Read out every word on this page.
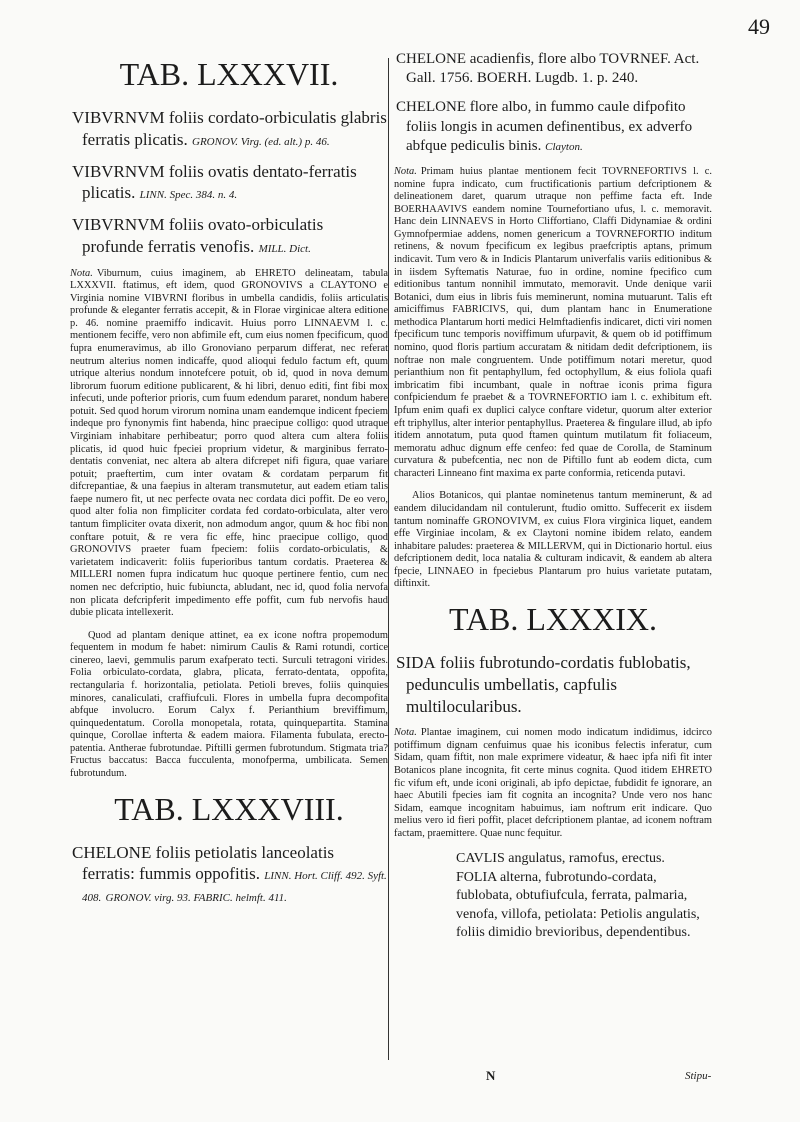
49
TAB. LXXXVII.
VIBVRNVM foliis cordato-orbiculatis glabris ferratis plicatis. GRONOV. Virg. (ed. alt.) p. 46.
VIBVRNVM foliis ovatis dentato-ferratis plicatis. LINN. Spec. 384. n. 4.
VIBVRNVM foliis ovato-orbiculatis profunde ferratis venofis. MILL. Dict.
Nota. Viburnum, cuius imaginem, ab EHRETO delineatam, tabula LXXXVII. ftatimus, eft idem, quod GRONOVIVS a CLAYTONO e Virginia nomine VIBVRNI floribus in umbella candidis, foliis articulatis profunde & eleganter ferratis accepit, & in Florae virginicae altera editione p. 46. nomine praemiffo indicavit. Huius porro LINNAEVM l. c. mentionem feciffe, vero non abfimile eft, cum eius nomen fpecificum, quod fupra enumeravimus, ab illo Gronoviano perparum differat, nec referat neutrum alterius nomen indicaffe, quod alioqui fedulo factum eft, quum utrique alterius nondum innotefcere potuit, ob id, quod in nova demum librorum fuorum editione publicarent, & hi libri, denuo editi, fint fibi mox infecuti, unde pofterior prioris, cum fuum edendum pararet, nondum habere potuit. Sed quod horum virorum nomina unam eandemque indicent fpeciem indeque pro fynonymis fint habenda, hinc praecipue colligo: quod utraque Virginiam inhabitare perhibeatur; porro quod altera cum altera foliis plicatis, id quod huic fpeciei proprium videtur, & marginibus ferrato-dentatis conveniat, nec altera ab altera difcrepet nifi figura, quae variare potuit; praeftertim, cum inter ovatam & cordatam perparum fit difcrepantiae, & una faepius in alteram transmutetur, aut eadem etiam talis faepe numero fit, ut nec perfecte ovata nec cordata dici poffit. De eo vero, quod alter folia non fimpliciter cordata fed cordato-orbiculata, alter vero tantum fimpliciter ovata dixerit, non admodum angor, quum & hoc fibi non conftare potuit, & re vera fic effe, hinc praecipue colligo, quod GRONOVIVS praeter fuam fpeciem: foliis cordato-orbiculatis, & varietatem indicaverit: foliis fuperioribus tantum cordatis. Praeterea & MILLERI nomen fupra indicatum huc quoque pertinere fentio, cum nec nomen nec defcriptio, huic fubiuncta, abludant, nec id, quod folia nervofa non plicata defcripferit impedimento effe poffit, cum fub nervofis haud dubie plicata intellexerit.
Quod ad plantam denique attinet, ea ex icone noftra propemodum fequentem in modum fe habet: nimirum Caulis & Rami rotundi, cortice cinereo, laevi, gemmulis parum exafperato tecti. Surculi tetragoni virides. Folia orbiculato-cordata, glabra, plicata, ferrato-dentata, oppofita, rectangularia f. horizontalia, petiolata. Petioli breves, foliis quinquies minores, canaliculati, craffiufculi. Flores in umbella fupra decompofita abfque involucro. Eorum Calyx f. Perianthium breviffimum, quinquedentatum. Corolla monopetala, rotata, quinquepartita. Stamina quinque, Corollae infterta & eadem maiora. Filamenta fubulata, erecto-patentia. Antherae fubrotundae. Piftilli germen fubrotundum. Stigmata tria? Fructus baccatus: Bacca fucculenta, monofperma, umbilicata. Semen fubrotundum.
TAB. LXXXVIII.
CHELONE foliis petiolatis lanceolatis ferratis: fummis oppofitis. LINN. Hort. Cliff. 492. Syft. 408. GRONOV. virg. 93. FABRIC. helmft. 411.
CHELONE acadienfis, flore albo TOVRNEF. Act. Gall. 1756. BOERH. Lugdb. 1. p. 240.
CHELONE flore albo, in fummo caule difpofito foliis longis in acumen definentibus, ex adverfo abfque pediculis binis. Clayton.
Nota. Primam huius plantae mentionem fecit TOVRNEFORTIVS l. c. nomine fupra indicato, cum fructificationis partium defcriptionem & delineationem daret, quarum utraque non peffime facta eft. Inde BOERHAAVIVS eandem nomine Tournefortiano ufus, l. c. memoravit. Hanc dein LINNAEVS in Horto Cliffortiano, Claffi Didynamiae & ordini Gymnofpermiae addens, nomen genericum a TOVRNEFORTIO inditum retinens, & novum fpecificum ex legibus praefcriptis aptans, primum indicavit. Tum vero & in Indicis Plantarum univerfalis variis editionibus & in iisdem Syftematis Naturae, fuo in ordine, nomine fpecifico cum editionibus tantum nonnihil immutato, memoravit. Unde denique varii Botanici, dum eius in libris fuis meminerunt, nomina mutuarunt. Talis eft amiciffimus FABRICIVS, qui, dum plantam hanc in Enumeratione methodica Plantarum horti medici Helmftadienfis indicaret, dicti viri nomen fpecificum tunc temporis noviffimum ufurpavit, & quem ob id potiffimum nomino, quod floris partium accuratam & nitidam dedit defcriptionem, iis noftrae non male congruentem. Unde potiffimum notari meretur, quod perianthium non fit pentaphyllum, fed octophyllum, & eius foliola quafi imbricatim fibi incumbant, quale in noftrae iconis prima figura confpiciendum fe praebet & a TOVRNEFORTIO iam l. c. exhibitum eft. Ipfum enim quafi ex duplici calyce conftare videtur, quorum alter exterior eft triphyllus, alter interior pentaphyllus. Praeterea & fingulare illud, ab ipfo itidem annotatum, puta quod ftamen quintum mutilatum fit foliaceum, memoratu adhuc dignum effe cenfeo: fed quae de Corolla, de Staminum curvatura & pubefcentia, nec non de Piftillo funt ab eodem dicta, cum characteri Linneano fint maxima ex parte conformia, reticenda putavi.
Alios Botanicos, qui plantae nominetenus tantum meminerunt, & ad eandem dilucidandam nil contulerunt, ftudio omitto. Suffecerit ex iisdem tantum nominaffe GRONOVIVM, ex cuius Flora virginica liquet, eandem effe Virginiae incolam, & ex Claytoni nomine ibidem relato, eandem inhabitare paludes: praeterea & MILLERVM, qui in Dictionario hortul. eius defcriptionem dedit, loca natalia & culturam indicavit, & eandem ab altera fpecie, LINNAEO in fpeciebus Plantarum pro huius varietate putatam, diftinxit.
TAB. LXXXIX.
SIDA foliis fubrotundo-cordatis fublobatis, pedunculis umbellatis, capfulis multilocularibus.
Nota. Plantae imaginem, cui nomen modo indicatum indidimus, idcirco potiffimum dignam cenfuimus quae his iconibus felectis inferatur, cum Sidam, quam fiftit, non male exprimere videatur, & haec ipfa nifi fit inter Botanicos plane incognita, fit certe minus cognita. Quod itidem EHRETO fic vifum eft, unde iconi originali, ab ipfo depictae, fubdidit fe ignorare, an haec Abutili fpecies iam fit cognita an incognita? Unde vero nos hanc Sidam, eamque incognitam habuimus, iam noftrum erit indicare. Quo melius vero id fieri poffit, placet defcriptionem plantae, ad iconem noftram factam, praemittere. Quae nunc fequitur.
CAVLIS angulatus, ramofus, erectus.
FOLIA alterna, fubrotundo-cordata, fublobata, obtufiufcula, ferrata, palmaria, venofa, villofa, petiolata: Petiolis angulatis, foliis dimidio brevioribus, dependentibus.
N	Stipu-
